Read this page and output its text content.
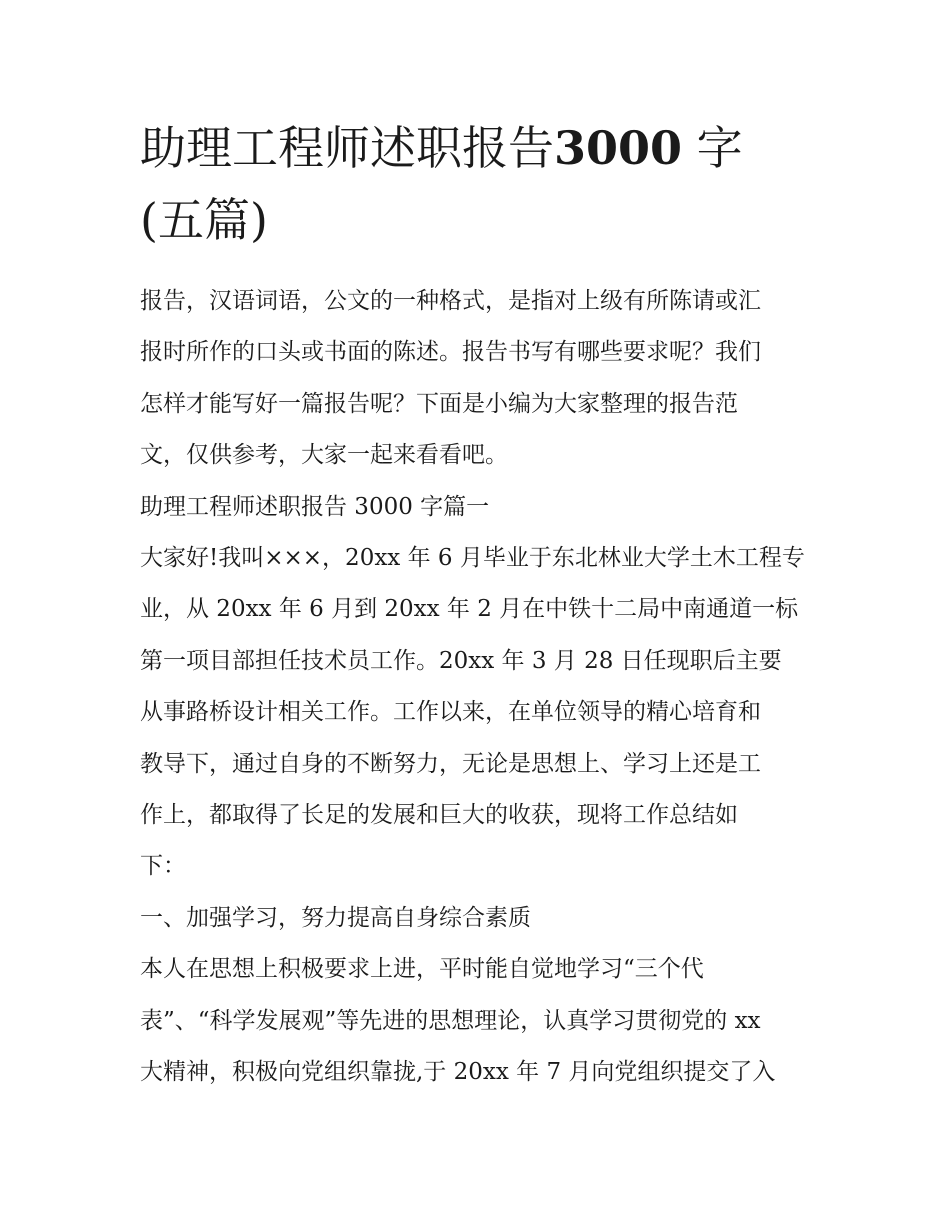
助理工程师述职报告3000 字
(五篇)

报告，汉语词语，公文的一种格式，是指对上级有所陈请或汇

报时所作的口头或书面的陈述。报告书写有哪些要求呢？我们

怎样才能写好一篇报告呢？下面是小编为大家整理的报告范

文，仅供参考，大家一起来看看吧。

助理工程师述职报告 3000 字篇一

大家好!我叫×××，20xx 年 6 月毕业于东北林业大学土木工程专

业，从 20xx 年 6 月到 20xx 年 2 月在中铁十二局中南通道一标

第一项目部担任技术员工作。20xx 年 3 月 28 日任现职后主要

从事路桥设计相关工作。工作以来，在单位领导的精心培育和

教导下，通过自身的不断努力，无论是思想上、学习上还是工

作上，都取得了长足的发展和巨大的收获，现将工作总结如

下：

一、加强学习，努力提高自身综合素质

本人在思想上积极要求上进，平时能自觉地学习“三个代

表”、“科学发展观”等先进的思想理论，认真学习贯彻党的 xx

大精神，积极向党组织靠拢,于 20xx 年 7 月向党组织提交了入
